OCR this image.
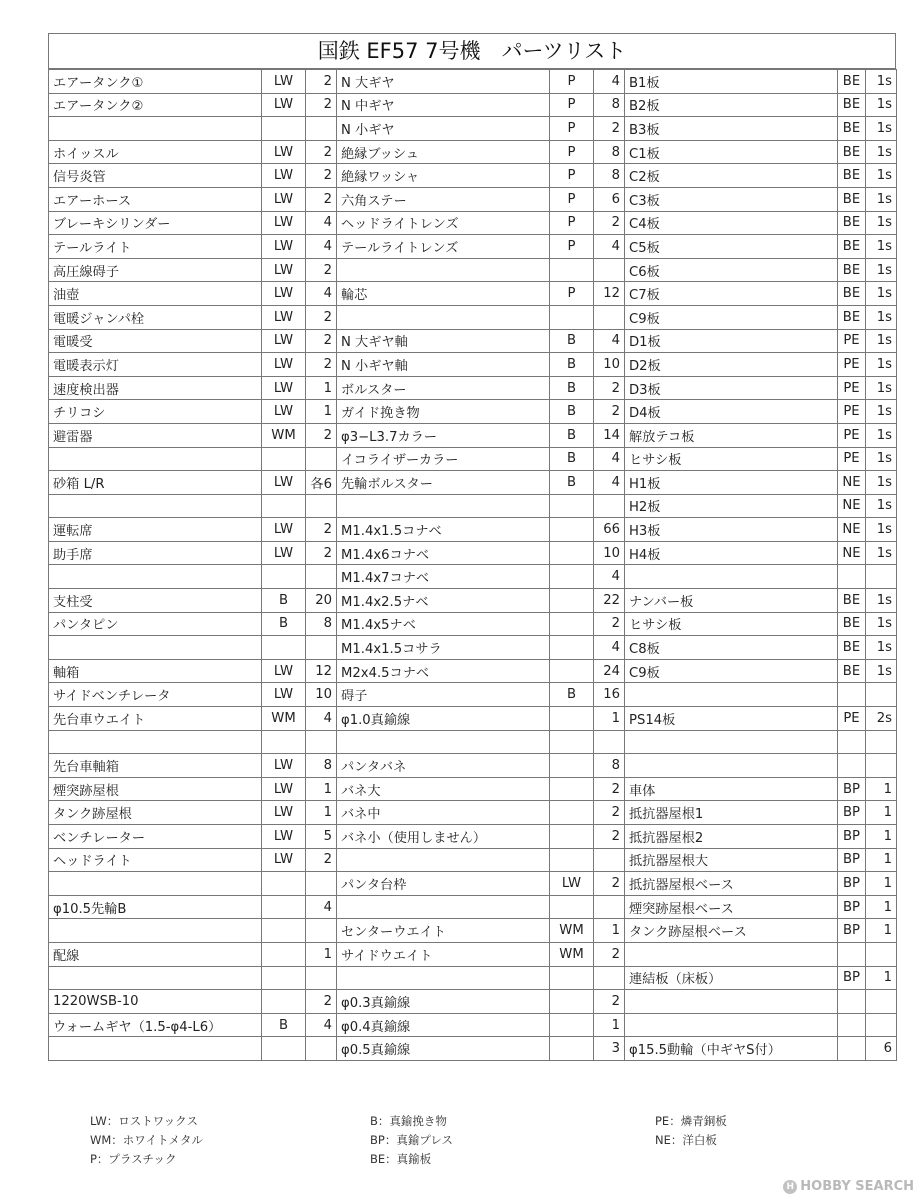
国鉄 EF57 7号機　パーツリスト
エアータンク①	LW	2	N 大ギヤ	P	4	B1板	BE	1s
エアータンク②	LW	2	N 中ギヤ	P	8	B2板	BE	1s
			N 小ギヤ	P	2	B3板	BE	1s
ホイッスル	LW	2	絶縁ブッシュ	P	8	C1板	BE	1s
信号炎管	LW	2	絶縁ワッシャ	P	8	C2板	BE	1s
エアーホース	LW	2	六角ステー	P	6	C3板	BE	1s
ブレーキシリンダー	LW	4	ヘッドライトレンズ	P	2	C4板	BE	1s
テールライト	LW	4	テールライトレンズ	P	4	C5板	BE	1s
高圧線碍子	LW	2				C6板	BE	1s
油壺	LW	4	輪芯	P	12	C7板	BE	1s
電暖ジャンパ栓	LW	2				C9板	BE	1s
電暖受	LW	2	N 大ギヤ軸	B	4	D1板	PE	1s
電暖表示灯	LW	2	N 小ギヤ軸	B	10	D2板	PE	1s
速度検出器	LW	1	ボルスター	B	2	D3板	PE	1s
チリコシ	LW	1	ガイド挽き物	B	2	D4板	PE	1s
避雷器	WM	2	φ3−L3.7カラー	B	14	解放テコ板	PE	1s
			イコライザーカラー	B	4	ヒサシ板	PE	1s
砂箱 L/R	LW	各6	先輪ボルスター	B	4	H1板	NE	1s
						H2板	NE	1s
運転席	LW	2	M1.4x1.5コナベ		66	H3板	NE	1s
助手席	LW	2	M1.4x6コナベ		10	H4板	NE	1s
			M1.4x7コナベ		4			
支柱受	B	20	M1.4x2.5ナベ		22	ナンバー板	BE	1s
パンタピン	B	8	M1.4x5ナベ		2	ヒサシ板	BE	1s
			M1.4x1.5コサラ		4	C8板	BE	1s
軸箱	LW	12	M2x4.5コナベ		24	C9板	BE	1s
サイドベンチレータ	LW	10	碍子	B	16			
先台車ウエイト	WM	4	φ1.0真鍮線		1	PS14板	PE	2s

先台車軸箱	LW	8	パンタバネ		8			
煙突跡屋根	LW	1	バネ大		2	車体	BP	1
タンク跡屋根	LW	1	バネ中		2	抵抗器屋根1	BP	1
ベンチレーター	LW	5	バネ小（使用しません）		2	抵抗器屋根2	BP	1
ヘッドライト	LW	2				抵抗器屋根大	BP	1
			パンタ台枠	LW	2	抵抗器屋根ベース	BP	1
φ10.5先輪B		4				煙突跡屋根ベース	BP	1
			センターウエイト	WM	1	タンク跡屋根ベース	BP	1
配線		1	サイドウエイト	WM	2			
						連結板（床板）	BP	1
1220WSB-10		2	φ0.3真鍮線		2			
ウォームギヤ（1.5-φ4-L6）	B	4	φ0.4真鍮線		1			
			φ0.5真鍮線		3	φ15.5動輪（中ギヤS付）		6
LW：ロストワックス
WM：ホワイトメタル
P：プラスチック
B：真鍮挽き物
BP：真鍮プレス
BE：真鍮板
PE：燐青銅板
NE：洋白板
H HOBBY SEARCH
